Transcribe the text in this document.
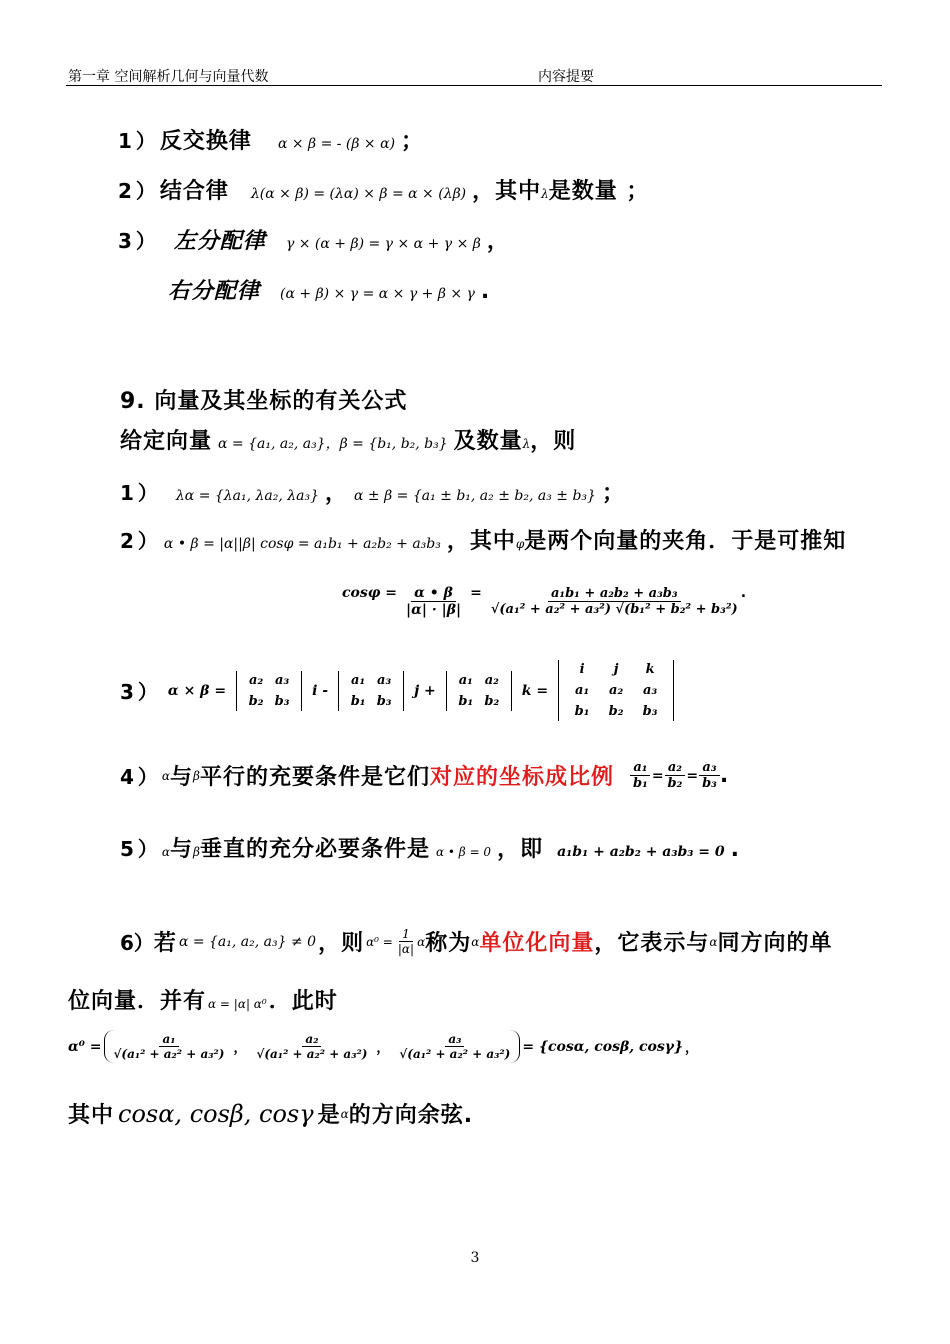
第一章 空间解析几何与向量代数	内容提要
1） 反交换律 α × β = - (β × α) ；
2） 结合律 λ(α × β) = (λα) × β = α × (λβ) ，其中 λ 是数量 ；
3） 左分配律 γ × (α + β) = γ × α + γ × β ，
右分配律 (α + β) × γ = α × γ + β × γ .
9. 向量及其坐标的有关公式
给定向量 α = {a₁, a₂, a₃}，β = {b₁, b₂, b₃} 及数量 λ ，则
1） λα = {λa₁, λa₂, λa₃} ， α ± β = {a₁ ± b₁, a₂ ± b₂, a₃ ± b₃} ；
2） α • β = |α||β| cosφ = a₁b₁ + a₂b₂ + a₃b₃ ，其中 φ 是两个向量的夹角．于是可推知
$\cos\varphi = \frac{\alpha • \beta}{|\alpha| \cdot |\beta|} = \frac{\text{a₁b₁ + a₂b₂ + a₃b₃}}{\text{√(a₁² + a₂² + a₃²) √(b₁² + b₂² + b₃²)}}$ .
3） α × β =
a₂ a₃
b₂ b₃
i -
a₁ a₃
b₁ b₃
j +
a₁ a₂
b₁ b₂
k =
i	j	k
a₁	a₂	a₃
b₁	b₂	b₃
4） α 与 β 平行的充要条件是它们 对应的坐标成比例 $\frac{\text{a₁}}{\text{b₁}} = \frac{\text{a₂}}{\text{b₂}} = \frac{\text{a₃}}{\text{b₃}}$ .
5） α 与 β 垂直的充分必要条件是 α • β = 0 ，即 a₁b₁ + a₂b₂ + a₃b₃ = 0 .
6） 若 α = {a₁, a₂, a₃} ≠ 0 ，则 $\alpha^0 = \frac{1}{|\alpha|}$ α 称为 α 单位化向量 ，它表示与 α 同方向的单
位向量．并有 α = |α| α⁰ ．此时
$\alpha^0 = \frac{\text{a₁}}{\text{√(a₁² + a₂² + a₃²)}}$ ， $\frac{\text{a₂}}{\text{√(a₁² + a₂² + a₃²)}}$ ， $\frac{\text{a₃}}{\text{√(a₁² + a₂² + a₃²)}} = \{\cos\alpha$, cosβ, cosγ} ，
其中 cosα, cosβ, cosγ 是 α 的方向余弦.
3
